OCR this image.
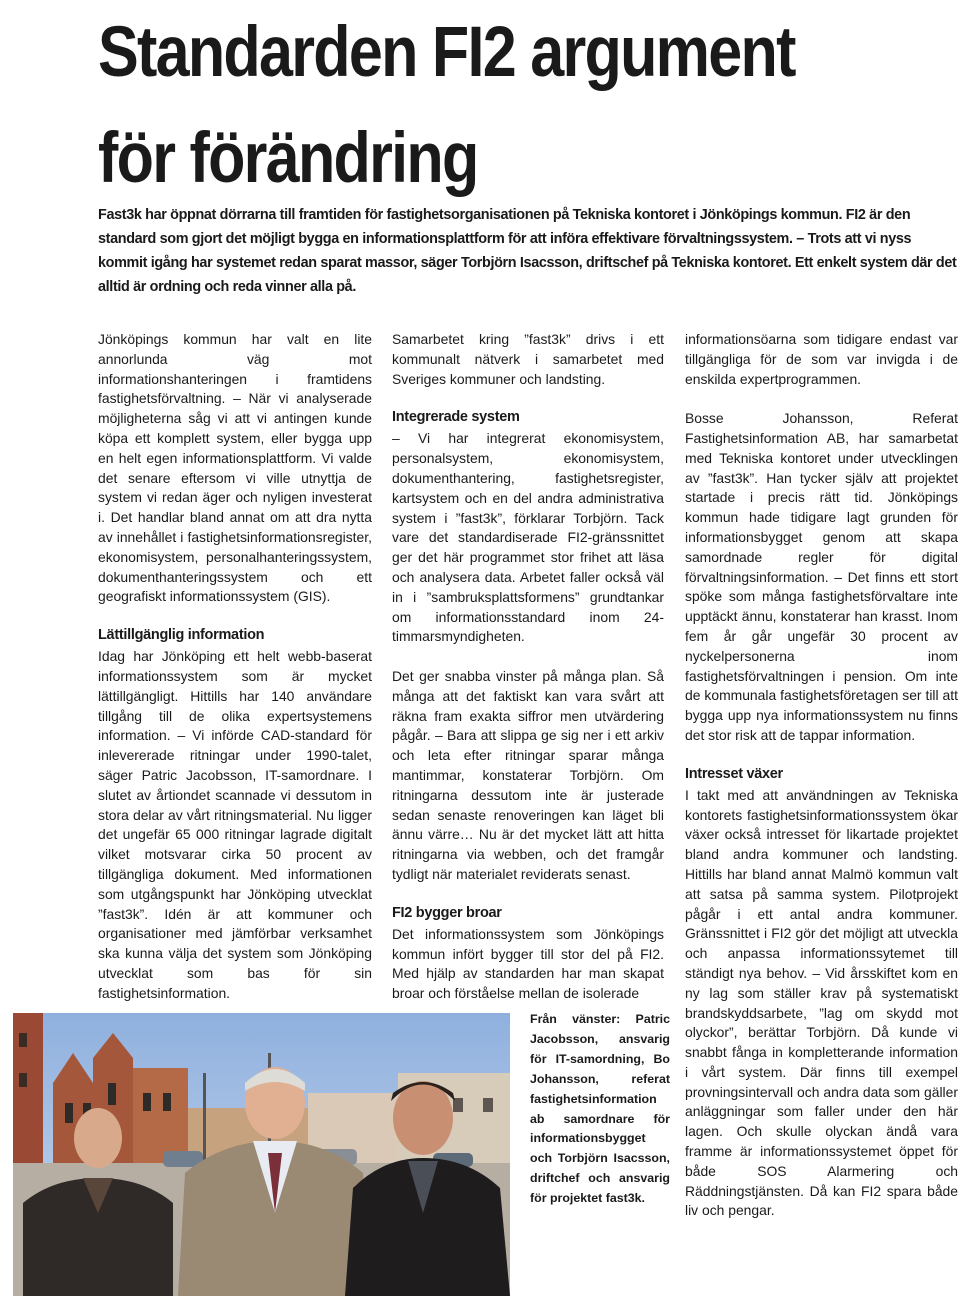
Standarden FI2 argument
för förändring

Fast3k har öppnat dörrarna till framtiden för fastighetsorganisationen på Tekniska kontoret i Jönköpings kommun. FI2 är den standard som gjort det möjligt bygga en informationsplattform för att införa effektivare förvaltningssystem. – Trots att vi nyss kommit igång har systemet redan sparat massor, säger Torbjörn Isacsson, driftschef på Tekniska kontoret. Ett enkelt system där det alltid är ordning och reda vinner alla på.

Jönköpings kommun har valt en lite annorlunda väg mot informationshanteringen i framtidens fastighetsförvaltning. – När vi analyserade möjligheterna såg vi att vi antingen kunde köpa ett komplett system, eller bygga upp en helt egen informationsplattform. Vi valde det senare eftersom vi ville utnyttja de system vi redan äger och nyligen investerat i. Det handlar bland annat om att dra nytta av innehållet i fastighetsinformationsregister, ekonomisystem, personalhanteringssystem, dokumenthanteringssystem och ett geografiskt informationssystem (GIS).

Lättillgänglig information

Idag har Jönköping ett helt webb-baserat informationssystem som är mycket lättillgängligt. Hittills har 140 användare tillgång till de olika expertsystemens information. – Vi införde CAD-standard för inlevererade ritningar under 1990-talet, säger Patric Jacobsson, IT-samordnare. I slutet av årtiondet scannade vi dessutom in stora delar av vårt ritningsmaterial. Nu ligger det ungefär 65 000 ritningar lagrade digitalt vilket motsvarar cirka 50 procent av tillgängliga dokument. Med informationen som utgångspunkt har Jönköping utvecklat ”fast3k”. Idén är att kommuner och organisationer med jämförbar verksamhet ska kunna välja det system som Jönköping utvecklat som bas för sin fastighetsinformation.

Samarbetet kring ”fast3k” drivs i ett kommunalt nätverk i samarbetet med Sveriges kommuner och landsting.

Integrerade system

– Vi har integrerat ekonomisystem, personalsystem, ekonomisystem, dokumenthantering, fastighetsregister, kartsystem och en del andra administrativa system i ”fast3k”, förklarar Torbjörn. Tack vare det standardiserade FI2-gränssnittet ger det här programmet stor frihet att läsa och analysera data. Arbetet faller också väl in i ”sambruksplattsformens” grundtankar om informationsstandard inom 24-timmarsmyndigheten.

Det ger snabba vinster på många plan. Så många att det faktiskt kan vara svårt att räkna fram exakta siffror men utvärdering pågår. – Bara att slippa ge sig ner i ett arkiv och leta efter ritningar sparar många mantimmar, konstaterar Torbjörn. Om ritningarna dessutom inte är justerade sedan senaste renoveringen kan läget bli ännu värre… Nu är det mycket lätt att hitta ritningarna via webben, och det framgår tydligt när materialet reviderats senast.

FI2 bygger broar

Det informationssystem som Jönköpings kommun infört bygger till stor del på FI2. Med hjälp av standarden har man skapat broar och förståelse mellan de isolerade

informationsöarna som tidigare endast var tillgängliga för de som var invigda i de enskilda expertprogrammen.

Bosse Johansson, Referat Fastighetsinformation AB, har samarbetat med Tekniska kontoret under utvecklingen av ”fast3k”. Han tycker själv att projektet startade i precis rätt tid. Jönköpings kommun hade tidigare lagt grunden för informationsbygget genom att skapa samordnade regler för digital förvaltningsinformation. – Det finns ett stort spöke som många fastighetsförvaltare inte upptäckt ännu, konstaterar han krasst. Inom fem år går ungefär 30 procent av nyckelpersonerna inom fastighetsförvaltningen i pension. Om inte de kommunala fastighetsföretagen ser till att bygga upp nya informationssystem nu finns det stor risk att de tappar information.

Intresset växer

I takt med att användningen av Tekniska kontorets fastighetsinformationssystem ökar växer också intresset för likartade projektet bland andra kommuner och landsting. Hittills har bland annat Malmö kommun valt att satsa på samma system. Pilotprojekt pågår i ett antal andra kommuner. Gränssnittet i FI2 gör det möjligt att utveckla och anpassa informationssytemet till ständigt nya behov. – Vid årsskiftet kom en ny lag som ställer krav på systematiskt brandskyddsarbete, ”lag om skydd mot olyckor”, berättar Torbjörn. Då kunde vi snabbt fånga in kompletterande information i vårt system. Där finns till exempel provningsintervall och andra data som gäller anläggningar som faller under den här lagen. Och skulle olyckan ändå vara framme är informationssystemet öppet för både SOS Alarmering och Räddningstjänsten. Då kan FI2 spara både liv och pengar.

Från vänster: Patric Jacobsson, ansvarig för IT-samordning, Bo Johansson, referat fastighetsinformation ab samordnare för informationsbygget och Torbjörn Isacsson, driftchef och ansvarig för projektet fast3k.
